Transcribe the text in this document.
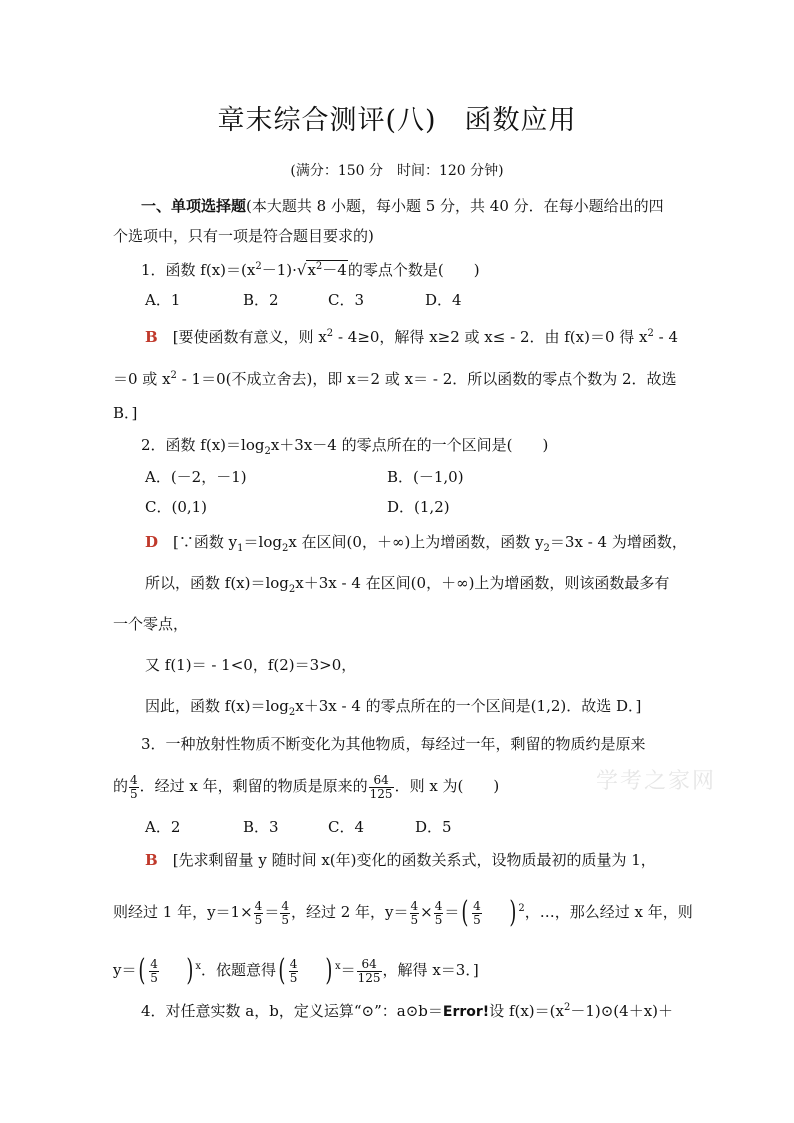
章末综合测评(八)　函数应用
(满分：150 分　时间：120 分钟)
一、单项选择题(本大题共 8 小题，每小题 5 分，共 40 分．在每小题给出的四
个选项中，只有一项是符合题目要求的)
1．函数 $f(x)=(x^2-1)\cdot√x^2-4$的零点个数是(　　)
A．1	B．2	C．3	D．4
B　 [要使函数有意义，则 $x^2 - 4\ge 0$，解得 x≥2 或 x≤ - 2．由 f(x)＝0 得 $x^2 - 4$
＝0 或 $x^2 - 1=0$(不成立舍去)，即 x＝2 或 x＝ - 2．所以函数的零点个数为 2．故选
B．]
2．函数 $f(x)=\log_2x+3x-4$ 的零点所在的一个区间是(　　)
A．(－2，－1)	B．(－1,0)
C．(0,1)	D．(1,2)
D　 [∵函数 $y_1=\log_2x$ 在区间(0，＋∞)上为增函数，函数 $y_2=3x - 4$ 为增函数，
所以，函数 $f(x)=\log_2x+3x - 4$ 在区间(0，＋∞)上为增函数，则该函数最多有
一个零点，
又 f(1)＝ - 1<0，f(2)＝3>0，
因此，函数 $f(x)=\log_2x+3x - 4$ 的零点所在的一个区间是(1,2)．故选 D．]
3．一种放射性物质不断变化为其他物质，每经过一年，剩留的物质约是原来
的 $\frac{4}{5}$ ．经过 x 年，剩留的物质是原来的 $\frac{64}{125}$ ．则 x 为(　　)
A．2	B．3	C．4	D．5
B　 [先求剩留量 y 随时间 x(年)变化的函数关系式，设物质最初的质量为 1，
则经过 1 年，$y=1\times \frac{4}{5} = \frac{4}{5}$ ，经过 2 年，$y= \frac{4}{5} \times \frac{4}{5}$ ＝( $\frac{4}{5}$ ) $^2$，…，那么经过 x 年，则
$y=( \frac{4}{5}$ ) $^x$．依题意得( $\frac{4}{5}$ ) $^x= \frac{64}{125}$ ，解得 x＝3．]
4．对任意实数 a，b，定义运算“⊙”：a⊙b＝Error!设 $f(x)=(x^2-1)⊙(4+x)+$
学考之家网
